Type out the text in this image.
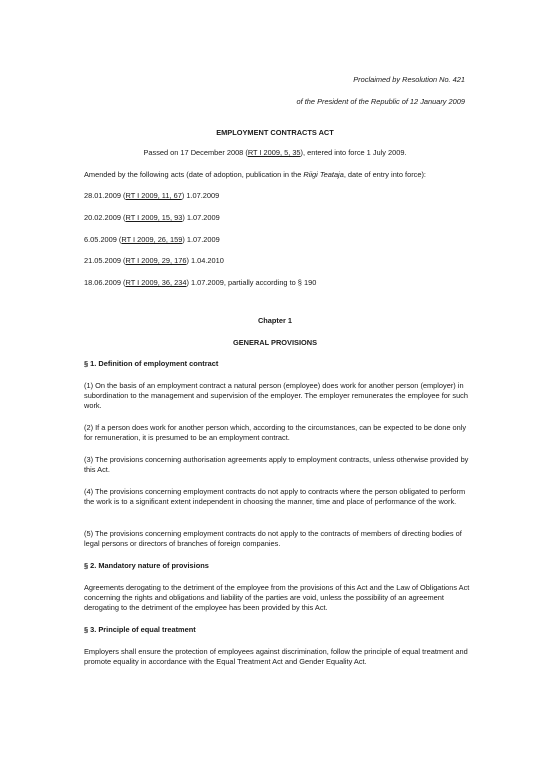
Proclaimed by Resolution No. 421
of the President of the Republic of 12 January 2009
EMPLOYMENT CONTRACTS ACT
Passed on 17 December 2008 (RT I 2009, 5, 35), entered into force 1 July 2009.
Amended by the following acts (date of adoption, publication in the Riigi Teataja, date of entry into force):
28.01.2009 (RT I 2009, 11, 67) 1.07.2009
20.02.2009 (RT I 2009, 15, 93) 1.07.2009
6.05.2009 (RT I 2009, 26, 159) 1.07.2009
21.05.2009 (RT I 2009, 29, 176) 1.04.2010
18.06.2009 (RT I 2009, 36, 234) 1.07.2009, partially according to § 190
Chapter 1
GENERAL PROVISIONS
§ 1. Definition of employment contract
(1) On the basis of an employment contract a natural person (employee) does work for another person (employer) in subordination to the management and supervision of the employer. The employer remunerates the employee for such work.
(2) If a person does work for another person which, according to the circumstances, can be expected to be done only for remuneration, it is presumed to be an employment contract.
(3) The provisions concerning authorisation agreements apply to employment contracts, unless otherwise provided by this Act.
(4) The provisions concerning employment contracts do not apply to contracts where the person obligated to perform the work is to a significant extent independent in choosing the manner, time and place of performance of the work.
(5) The provisions concerning employment contracts do not apply to the contracts of members of directing bodies of legal persons or directors of branches of foreign companies.
§ 2. Mandatory nature of provisions
Agreements derogating to the detriment of the employee from the provisions of this Act and the Law of Obligations Act concerning the rights and obligations and liability of the parties are void, unless the possibility of an agreement derogating to the detriment of the employee has been provided by this Act.
§ 3. Principle of equal treatment
Employers shall ensure the protection of employees against discrimination, follow the principle of equal treatment and promote equality in accordance with the Equal Treatment Act and Gender Equality Act.
